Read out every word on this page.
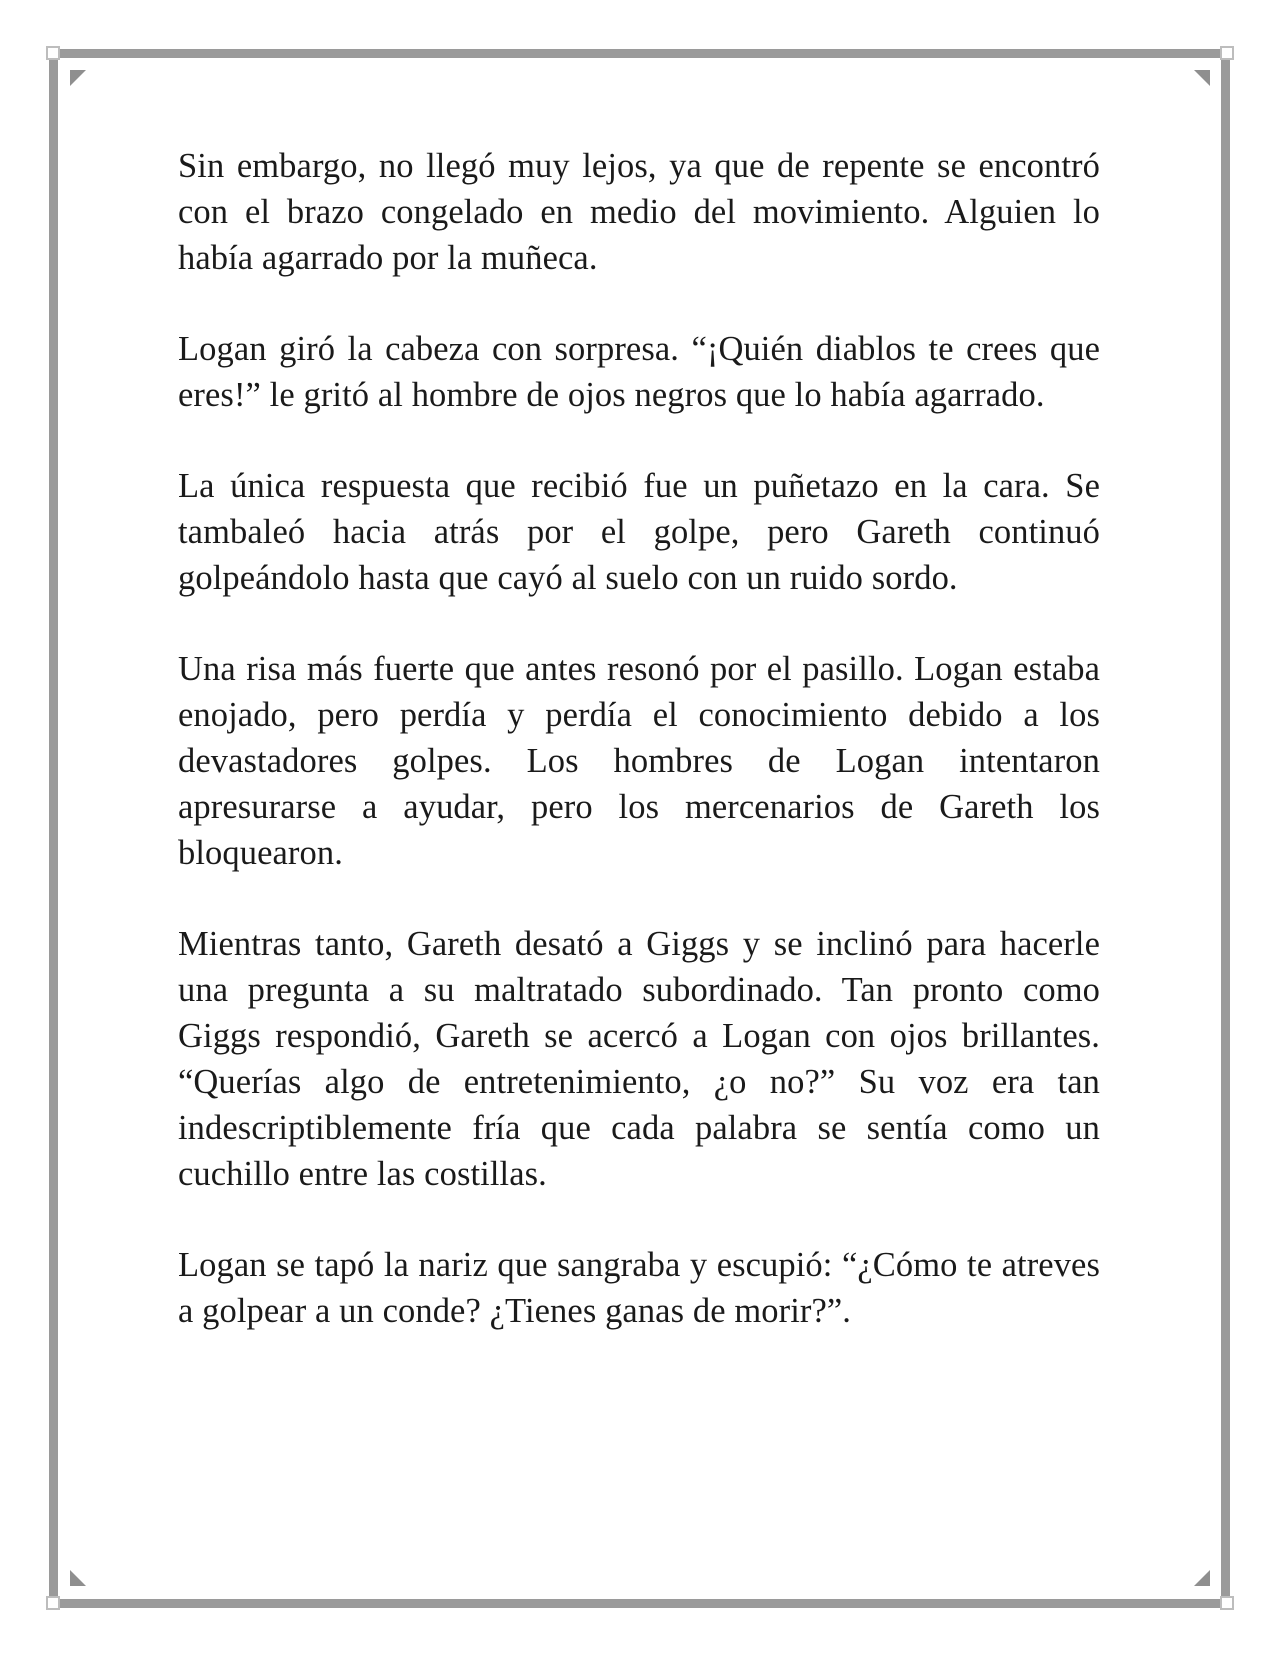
Sin embargo, no llegó muy lejos, ya que de repente se encontró con el brazo congelado en medio del movimiento. Alguien lo había agarrado por la muñeca.

Logan giró la cabeza con sorpresa. “¡Quién diablos te crees que eres!” le gritó al hombre de ojos negros que lo había agarrado.

La única respuesta que recibió fue un puñetazo en la cara. Se tambaleó hacia atrás por el golpe, pero Gareth continuó golpeándolo hasta que cayó al suelo con un ruido sordo.

Una risa más fuerte que antes resonó por el pasillo. Logan estaba enojado, pero perdía y perdía el conocimiento debido a los devastadores golpes. Los hombres de Logan intentaron apresurarse a ayudar, pero los mercenarios de Gareth los bloquearon.

Mientras tanto, Gareth desató a Giggs y se inclinó para hacerle una pregunta a su maltratado subordinado. Tan pronto como Giggs respondió, Gareth se acercó a Logan con ojos brillantes. “Querías algo de entretenimiento, ¿o no?” Su voz era tan indescriptiblemente fría que cada palabra se sentía como un cuchillo entre las costillas.

Logan se tapó la nariz que sangraba y escupió: “¿Cómo te atreves a golpear a un conde? ¿Tienes ganas de morir?”.
